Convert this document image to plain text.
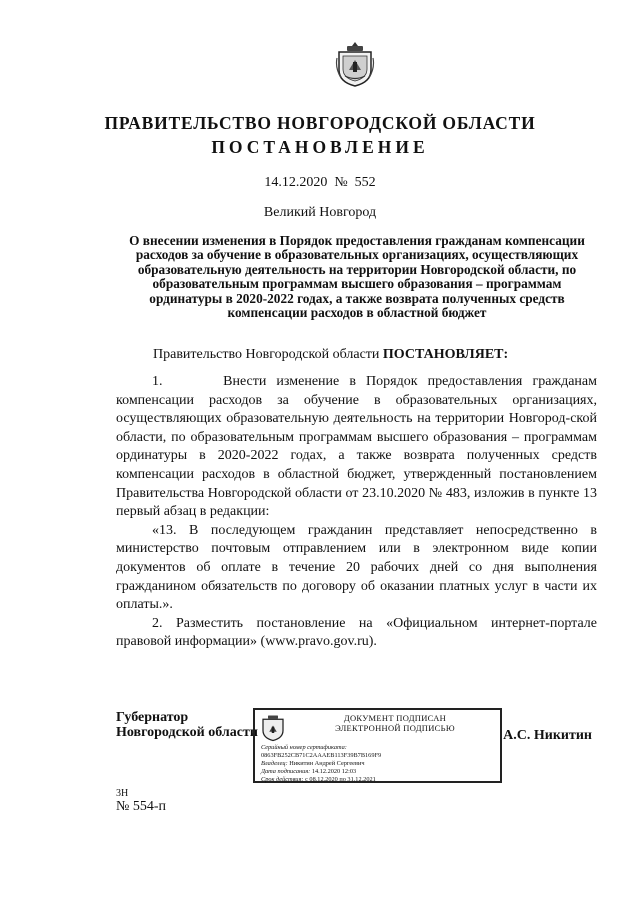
ПРАВИТЕЛЬСТВО НОВГОРОДСКОЙ ОБЛАСТИ
ПОСТАНОВЛЕНИЕ
14.12.2020 № 552
Великий Новгород

О внесении изменения в Порядок предоставления гражданам компенсации расходов за обучение в образовательных организациях, осуществляющих образовательную деятельность на территории Новгородской области, по образовательным программам высшего образования – программам ординатуры в 2020-2022 годах, а также возврата полученных средств компенсации расходов в областной бюджет

Правительство Новгородской области ПОСТАНОВЛЯЕТ:

1.	Внести изменение в Порядок предоставления гражданам компенсации расходов за обучение в образовательных организациях, осуществляющих образовательную деятельность на территории Новгород-ской области, по образовательным программам высшего образования – программам ординатуры в 2020-2022 годах, а также возврата полученных средств компенсации расходов в областной бюджет, утвержденный постановлением Правительства Новгородской области от 23.10.2020 № 483, изложив в пункте 13 первый абзац в редакции:

«13. В последующем гражданин представляет непосредственно в министерство почтовым отправлением или в электронном виде копии документов об оплате в течение 20 рабочих дней со дня выполнения гражданином обязательств по договору об оказании платных услуг в части их оплаты.».

2. Разместить постановление на «Официальном интернет-портале правовой информации» (www.pravo.gov.ru).

Губернатор
Новгородской области
ДОКУМЕНТ ПОДПИСАН
ЭЛЕКТРОННОЙ ПОДПИСЬЮ
Серийный номер сертификата:
0863FB252CB71C2AAAEB113F39B7B169F9
Владелец: Никитин Андрей Сергеевич
Дата подписания: 14.12.2020 12:03
Срок действия: с 08.12.2020 по 31.12.2021
А.С. Никитин
3Н
№ 554-п
